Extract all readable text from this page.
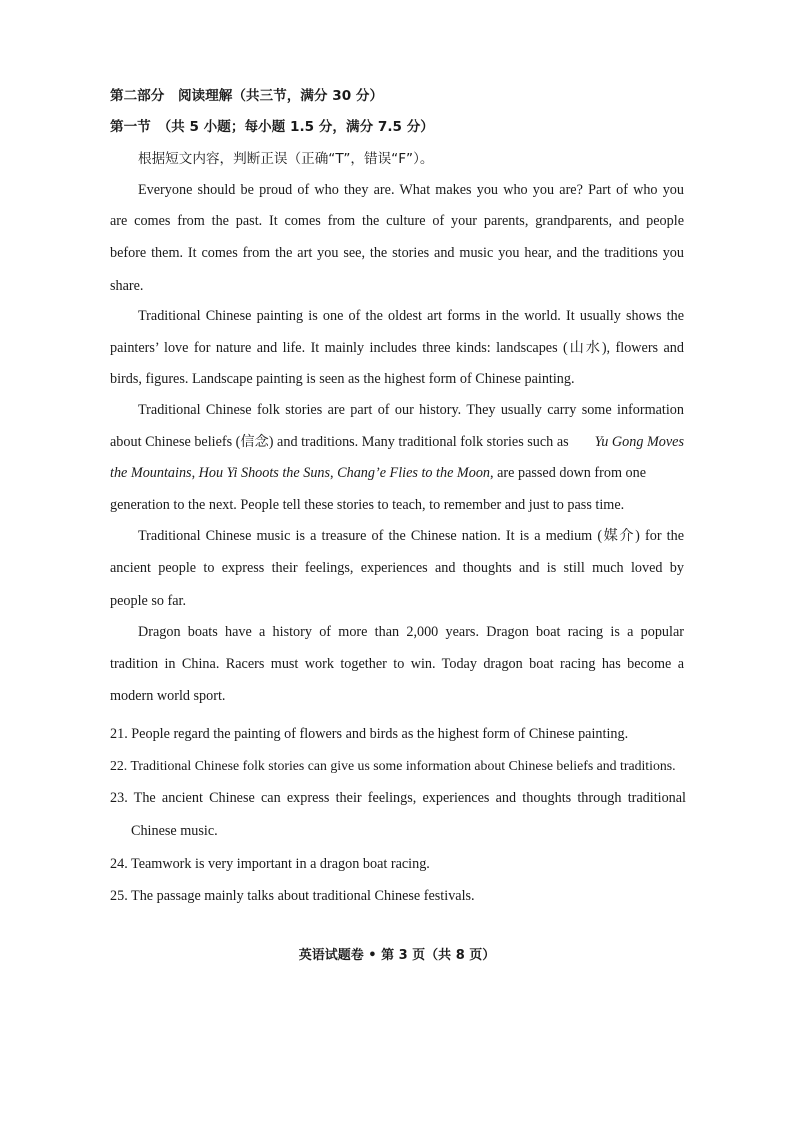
第二部分　阅读理解（共三节，满分 30 分）
第一节　（共 5 小题；每小题 1.5 分，满分 7.5 分）
根据短文内容，判断正误（正确“T”，错误“F”）。
Everyone should be proud of who they are. What makes you who you are? Part of who you
are comes from the past. It comes from the culture of your parents, grandparents, and people
before them. It comes from the art you see, the stories and music you hear, and the traditions you
share.
Traditional Chinese painting is one of the oldest art forms in the world. It usually shows the
painters’ love for nature and life. It mainly includes three kinds: landscapes (山水), flowers and
birds, figures. Landscape painting is seen as the highest form of Chinese painting.
Traditional Chinese folk stories are part of our history. They usually carry some information
about Chinese beliefs (信念) and traditions. Many traditional folk stories such as Yu Gong Moves
the Mountains, Hou Yi Shoots the Suns, Chang’e Flies to the Moon, are passed down from one
generation to the next. People tell these stories to teach, to remember and just to pass time.
Traditional Chinese music is a treasure of the Chinese nation. It is a medium (媒介) for the
ancient people to express their feelings, experiences and thoughts and is still much loved by
people so far.
Dragon boats have a history of more than 2,000 years. Dragon boat racing is a popular
tradition in China. Racers must work together to win. Today dragon boat racing has become a
modern world sport.
21. People regard the painting of flowers and birds as the highest form of Chinese painting.
22. Traditional Chinese folk stories can give us some information about Chinese beliefs and traditions.
23. The ancient Chinese can express their feelings, experiences and thoughts through traditional
Chinese music.
24. Teamwork is very important in a dragon boat racing.
25. The passage mainly talks about traditional Chinese festivals.
英语试题卷 • 第 3 页（共 8 页）
